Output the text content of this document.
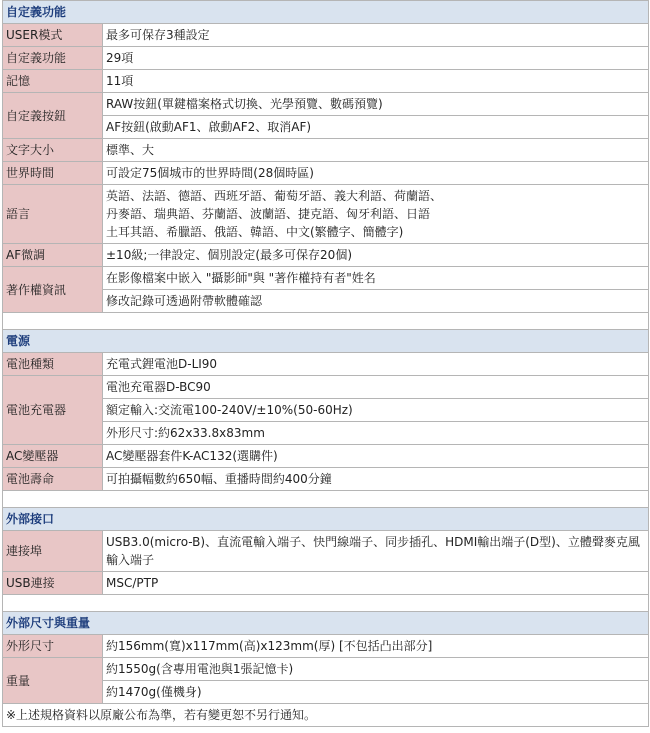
自定義功能	
USER模式	最多可保存3種設定
自定義功能	29項
記憶	11項
自定義按鈕	RAW按鈕(單鍵檔案格式切換、光學預覽、數碼預覽)
	AF按鈕(啟動AF1、啟動AF2、取消AF)
文字大小	標準、大
世界時間	可設定75個城市的世界時間(28個時區)
語言	英語、法語、德語、西班牙語、葡萄牙語、義大利語、荷蘭語、
丹麥語、瑞典語、芬蘭語、波蘭語、捷克語、匈牙利語、日語
土耳其語、希臘語、俄語、韓語、中文(繁體字、簡體字)

AF微調	±10級;一律設定、個別設定(最多可保存20個)
著作權資訊	在影像檔案中嵌入 "攝影師"與 "著作權持有者"姓名
	修改記錄可透過附帶軟體確認

電源	
電池種類	充電式鋰電池D-LI90
電池充電器	電池充電器D-BC90
	額定輸入:交流電100-240V/±10%(50-60Hz)
	外形尺寸:約62x33.8x83mm
AC變壓器	AC變壓器套件K-AC132(選購件)
電池壽命	可拍攝幅數約650幅、重播時間約400分鐘

外部接口	
連接埠	USB3.0(micro-B)、直流電輸入端子、快門線端子、同步插孔、HDMI輸出端子(D型)、立體聲麥克風輸入端子
USB連接	MSC/PTP

外部尺寸與重量	
外形尺寸	約156mm(寬)x117mm(高)x123mm(厚) [不包括凸出部分]
重量	約1550g(含專用電池與1張記憶卡)
	約1470g(僅機身)
※上述規格資料以原廠公布為準，若有變更恕不另行通知。	
